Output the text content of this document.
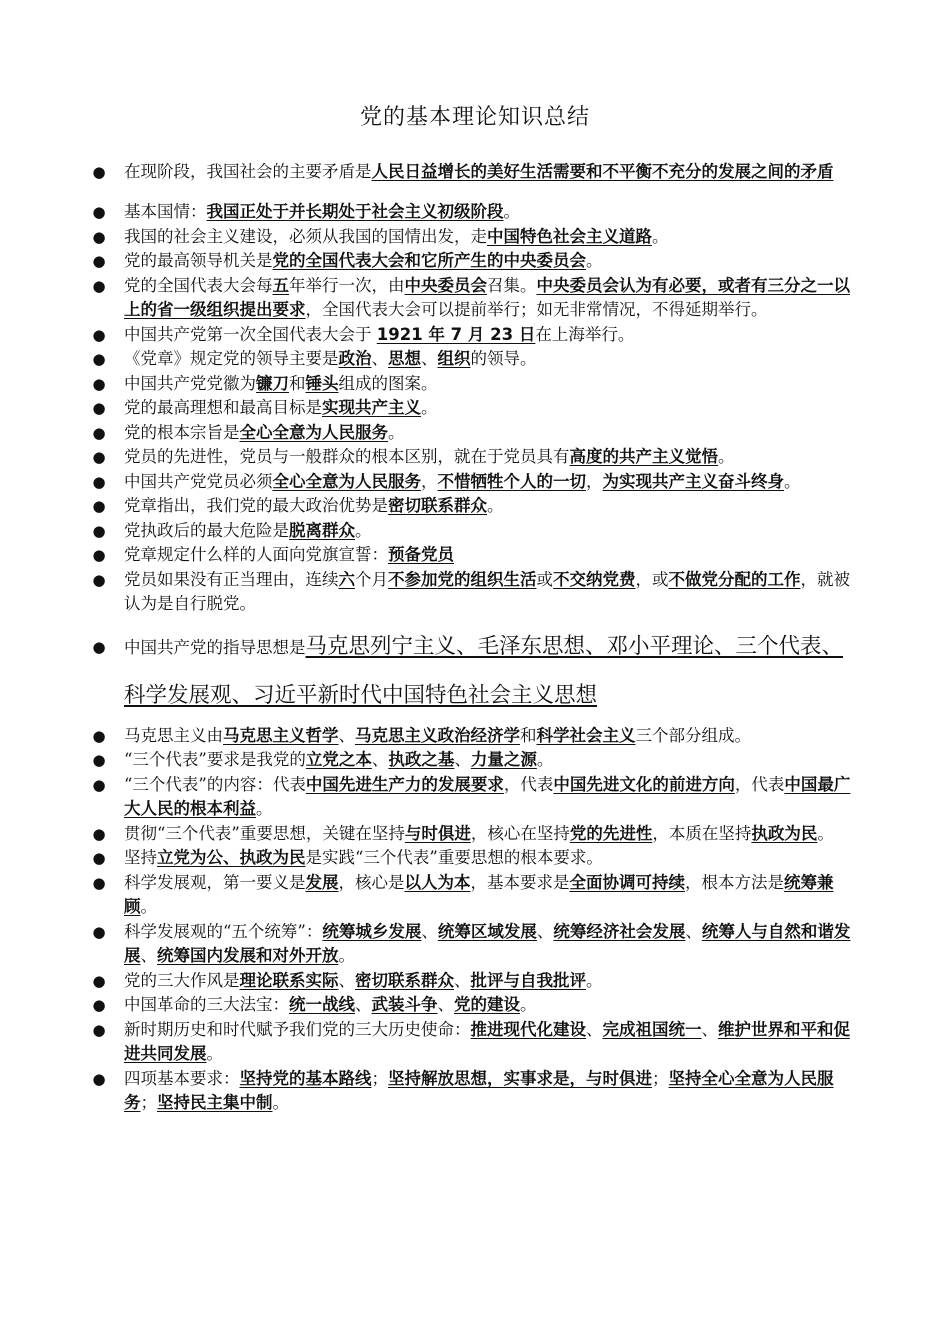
党的基本理论知识总结
● 在现阶段，我国社会的主要矛盾是人民日益增长的美好生活需要和不平衡不充分的发展之间的矛盾
● 基本国情：我国正处于并长期处于社会主义初级阶段。
● 我国的社会主义建设，必须从我国的国情出发，走中国特色社会主义道路。
● 党的最高领导机关是党的全国代表大会和它所产生的中央委员会。
● 党的全国代表大会每五年举行一次，由中央委员会召集。中央委员会认为有必要，或者有三分之一以上的省一级组织提出要求，全国代表大会可以提前举行；如无非常情况，不得延期举行。
● 中国共产党第一次全国代表大会于 1921 年 7 月 23 日在上海举行。
● 《党章》规定党的领导主要是政治、思想、组织的领导。
● 中国共产党党徽为镰刀和锤头组成的图案。
● 党的最高理想和最高目标是实现共产主义。
● 党的根本宗旨是全心全意为人民服务。
● 党员的先进性，党员与一般群众的根本区别，就在于党员具有高度的共产主义觉悟。
● 中国共产党党员必须全心全意为人民服务，不惜牺牲个人的一切，为实现共产主义奋斗终身。
● 党章指出，我们党的最大政治优势是密切联系群众。
● 党执政后的最大危险是脱离群众。
● 党章规定什么样的人面向党旗宣誓：预备党员
● 党员如果没有正当理由，连续六个月不参加党的组织生活或不交纳党费，或不做党分配的工作，就被认为是自行脱党。
● 中国共产党的指导思想是马克思列宁主义、毛泽东思想、邓小平理论、三个代表、科学发展观、习近平新时代中国特色社会主义思想
● 马克思主义由马克思主义哲学、马克思主义政治经济学和科学社会主义三个部分组成。
● “三个代表”要求是我党的立党之本、执政之基、力量之源。
● “三个代表”的内容：代表中国先进生产力的发展要求，代表中国先进文化的前进方向，代表中国最广大人民的根本利益。
● 贯彻“三个代表”重要思想，关键在坚持与时俱进，核心在坚持党的先进性，本质在坚持执政为民。
● 坚持立党为公、执政为民是实践“三个代表”重要思想的根本要求。
● 科学发展观，第一要义是发展，核心是以人为本，基本要求是全面协调可持续，根本方法是统筹兼顾。
● 科学发展观的“五个统筹”：统筹城乡发展、统筹区域发展、统筹经济社会发展、统筹人与自然和谐发展、统筹国内发展和对外开放。
● 党的三大作风是理论联系实际、密切联系群众、批评与自我批评。
● 中国革命的三大法宝：统一战线、武装斗争、党的建设。
● 新时期历史和时代赋予我们党的三大历史使命：推进现代化建设、完成祖国统一、维护世界和平和促进共同发展。
● 四项基本要求：坚持党的基本路线；坚持解放思想，实事求是，与时俱进；坚持全心全意为人民服务；坚持民主集中制。
